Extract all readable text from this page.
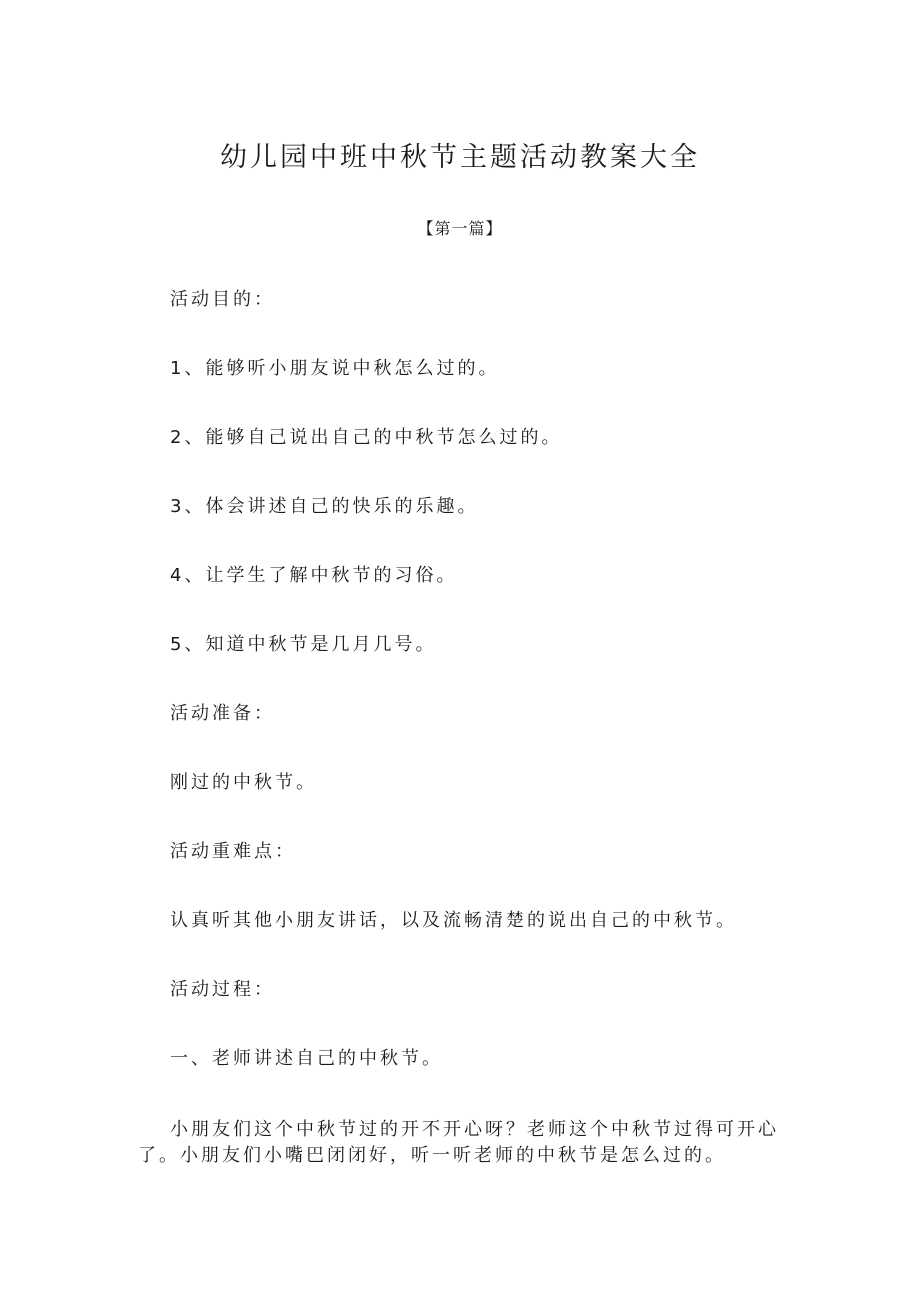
幼儿园中班中秋节主题活动教案大全
【第一篇】
活动目的：
1、能够听小朋友说中秋怎么过的。
2、能够自己说出自己的中秋节怎么过的。
3、体会讲述自己的快乐的乐趣。
4、让学生了解中秋节的习俗。
5、知道中秋节是几月几号。
活动准备：
刚过的中秋节。
活动重难点：
认真听其他小朋友讲话，以及流畅清楚的说出自己的中秋节。
活动过程：
一、老师讲述自己的中秋节。
小朋友们这个中秋节过的开不开心呀？老师这个中秋节过得可开心
了。小朋友们小嘴巴闭闭好，听一听老师的中秋节是怎么过的。
